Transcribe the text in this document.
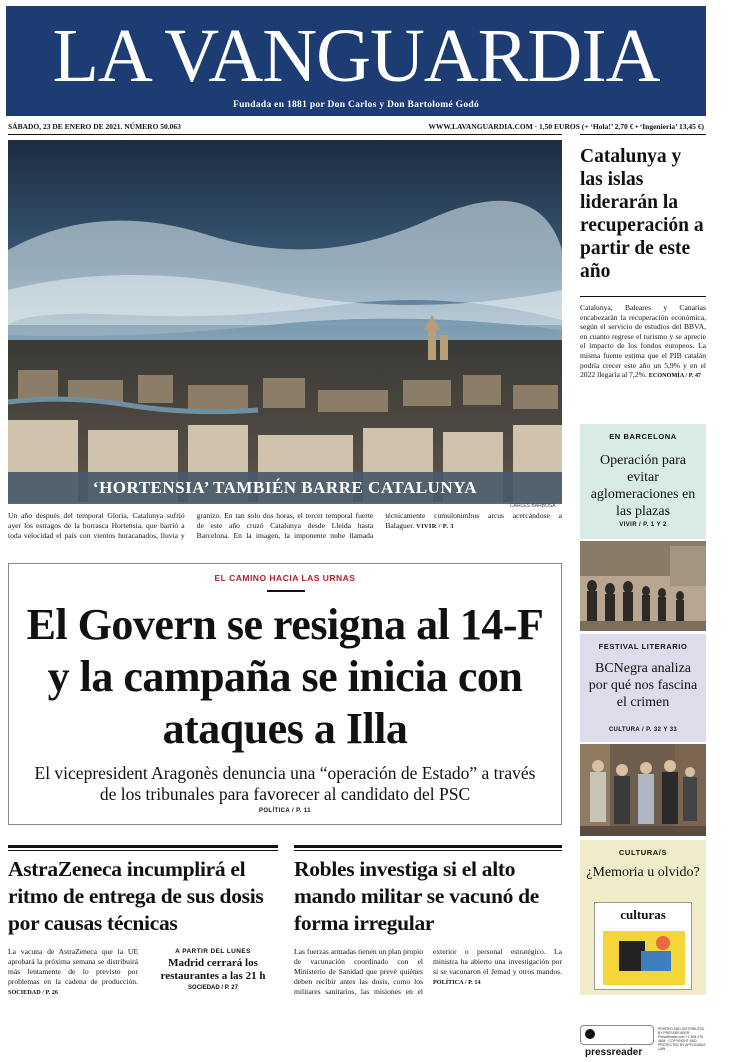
LA VANGUARDIA
Fundada en 1881 por Don Carlos y Don Bartolomé Godó
SÁBADO, 23 DE ENERO DE 2021. NÚMERO 50.063	WWW.LAVANGUARDIA.COM · 1,50 EUROS (+ ‘Hola!’ 2,70 € • ‘Ingenieria’ 13,45 €)
‘HORTENSIA’ TAMBIÉN BARRE CATALUNYA
CARLES BARBOSA
Un año después del temporal Gloria, Catalunya sufrió ayer los estragos de la borrasca Hortensia, que barrió a toda velocidad el país con vientos huracanados, lluvia y granizo. En tan solo dos horas, el tercer temporal fuerte de este año cruzó Catalunya desde Lleida hasta Barcelona. En la imagen, la imponente nube llamada técnicamente cumulonimbus arcus acercándose a Balaguer. VIVIR / P. 3
EL CAMINO HACIA LAS URNAS
El Govern se resigna al 14-F y la campaña se inicia con ataques a Illa
El vicepresident Aragonès denuncia una “operación de Estado” a través de los tribunales para favorecer al candidato del PSC
POLÍTICA / P. 11
Catalunya y las islas liderarán la recuperación a partir de este año
Catalunya, Baleares y Canarias encabezarán la recuperación económica, según el servicio de estudios del BBVA, en cuanto regrese el turismo y se aprecie el impacto de los fondos europeos. La misma fuente estima que el PIB catalán podría crecer este año un 5,9% y en el 2022 llegaría al 7,2%. ECONOMÍA / P. 47
EN BARCELONA
Operación para evitar aglomeraciones en las plazas
VIVIR / P. 1 Y 2
FESTIVAL LITERARIO
BCNegra analiza por qué nos fascina el crimen
CULTURA / P. 32 Y 33
CULTURA/S
¿Memoria u olvido?
culturas
AstraZeneca incumplirá el ritmo de entrega de sus dosis por causas técnicas
La vacuna de AstraZeneca que la UE aprobará la próxima semana se distribuirá más lentamente de lo previsto por problemas en la cadena de producción. SOCIEDAD / P. 26
A PARTIR DEL LUNES
Madrid cerrará los restaurantes a las 21 h
SOCIEDAD / P. 27
Robles investiga si el alto mando militar se vacunó de forma irregular
Las fuerzas armadas tienen un plan propio de vacunación coordinado con el Ministerio de Sanidad que prevé quiénes deben recibir antes las dosis, como los militares sanitarios, las misiones en el exterior o personal estratégico. La ministra ha abierto una investigación por si se vacunaron el Jemad y otros mandos. POLÍTICA / P. 14
pressreader
PRINTED AND DISTRIBUTED BY PRESSREADER · PressReader.com +1 604 278 4604 · COPYRIGHT AND PROTECTED BY APPLICABLE LAW
